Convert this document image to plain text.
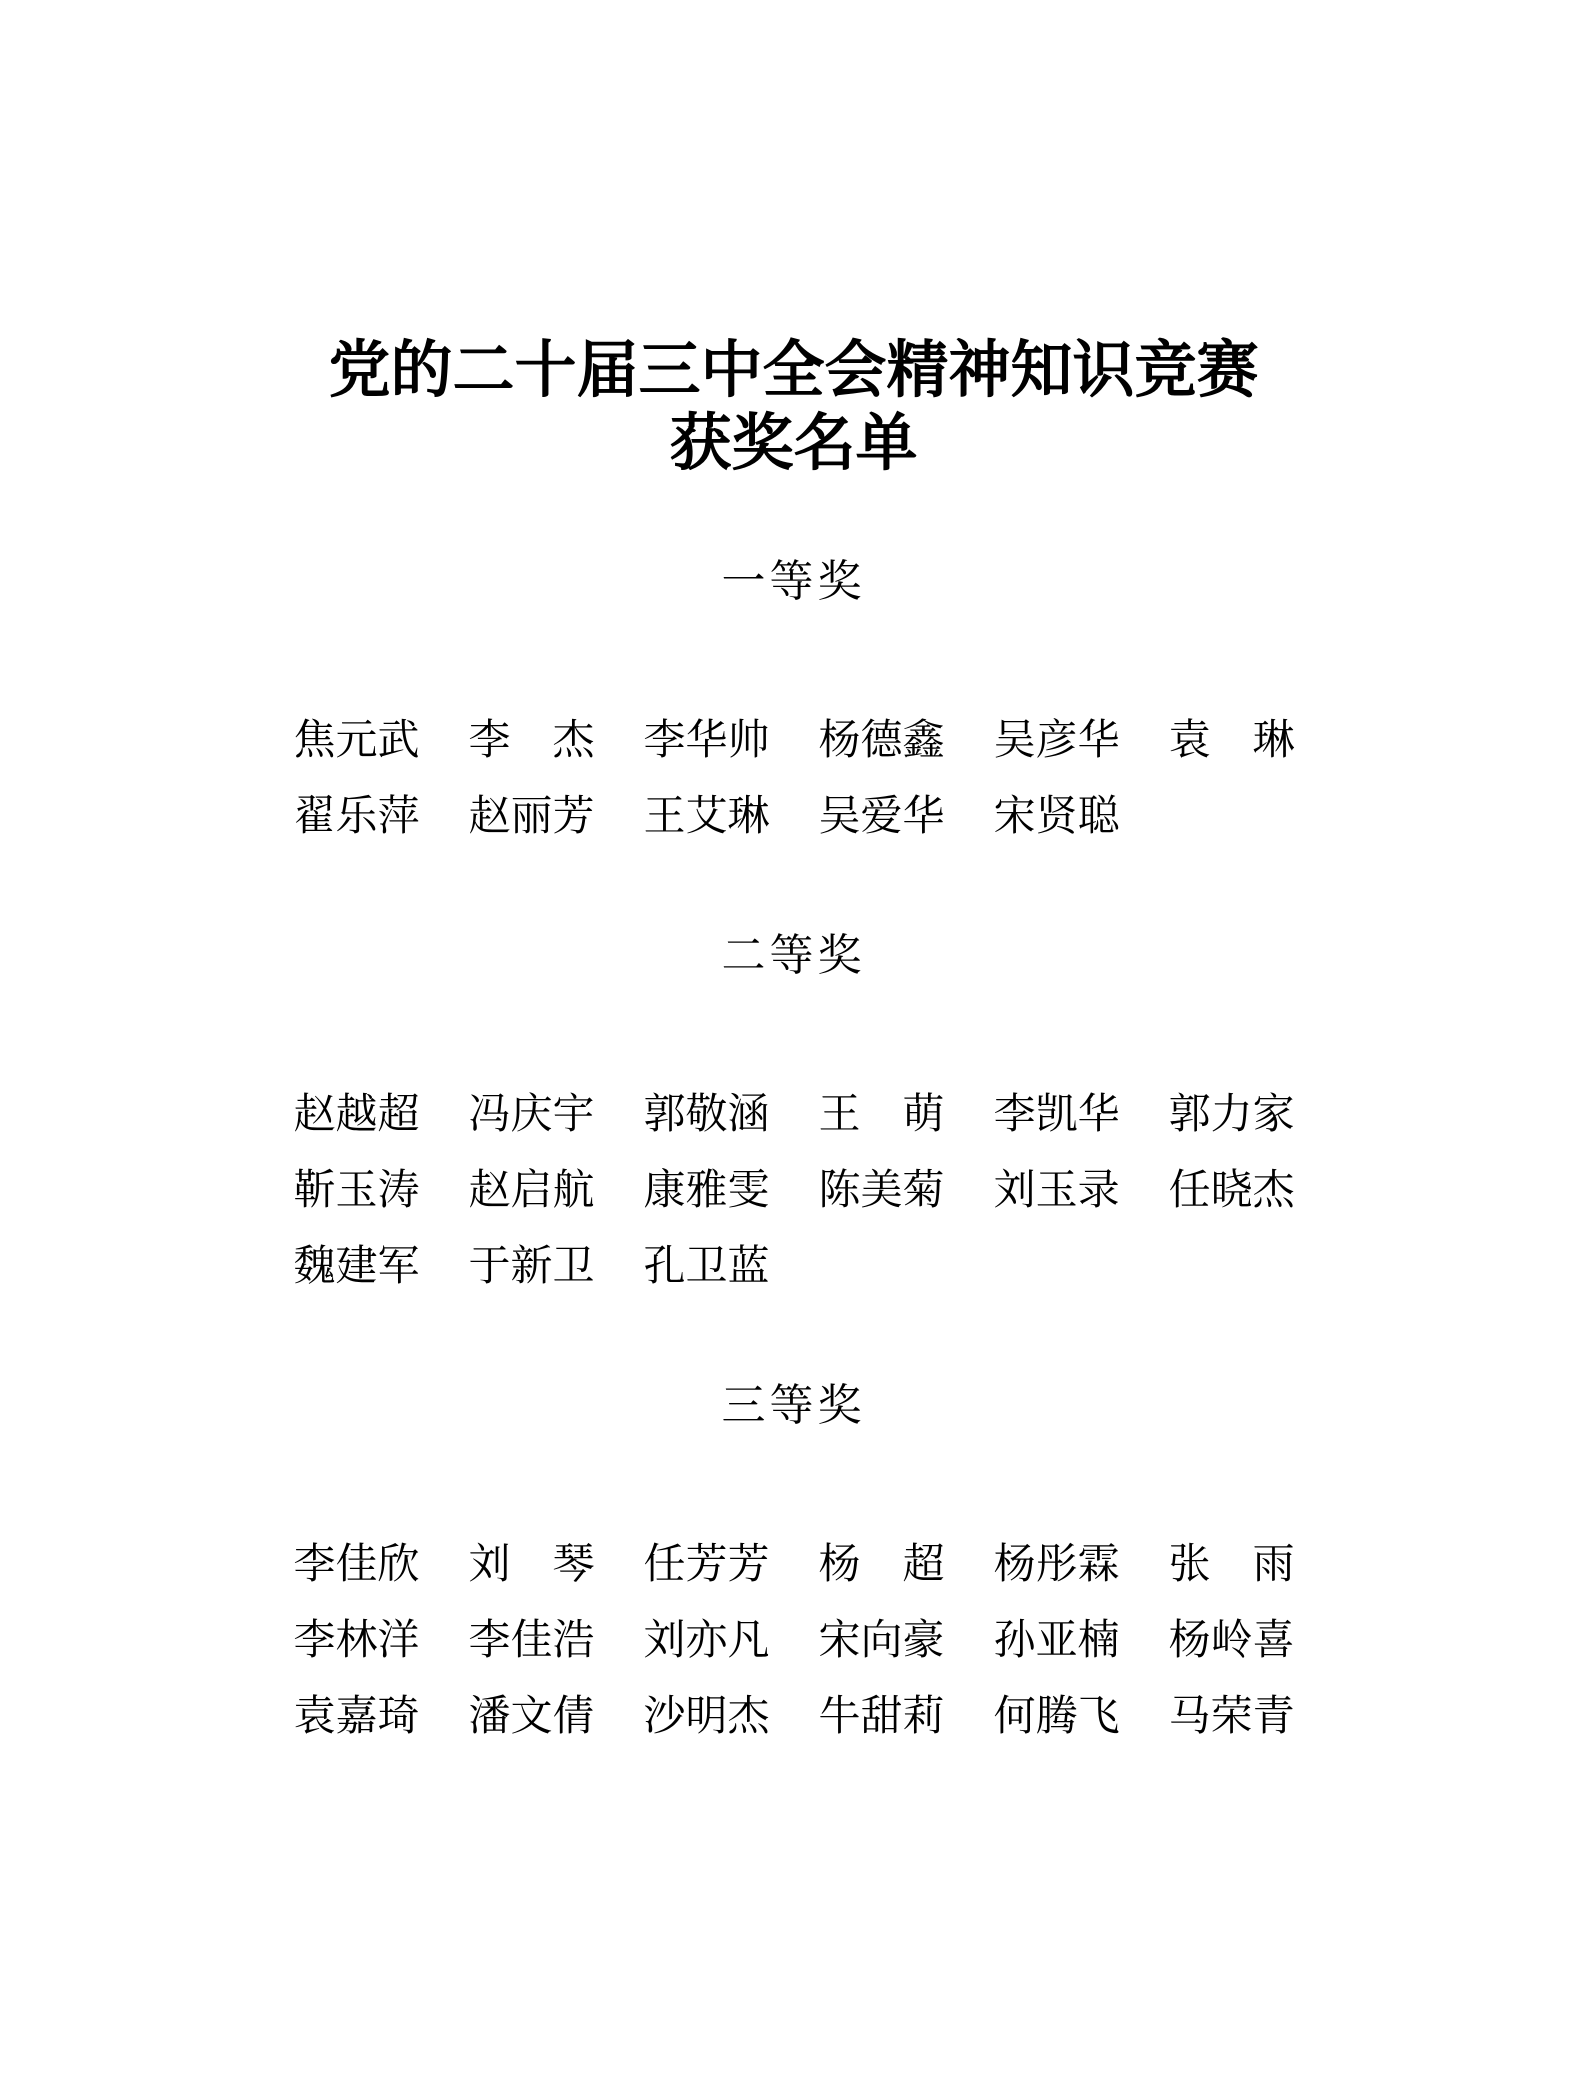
党的二十届三中全会精神知识竞赛
获奖名单
一等奖
焦元武 李　杰 李华帅 杨德鑫 吴彦华 袁　琳
翟乐萍 赵丽芳 王艾琳 吴爱华 宋贤聪
二等奖
赵越超 冯庆宇 郭敬涵 王　萌 李凯华 郭力家
靳玉涛 赵启航 康雅雯 陈美菊 刘玉录 任晓杰
魏建军 于新卫 孔卫蓝
三等奖
李佳欣 刘　琴 任芳芳 杨　超 杨彤霖 张　雨
李林洋 李佳浩 刘亦凡 宋向豪 孙亚楠 杨岭喜
袁嘉琦 潘文倩 沙明杰 牛甜莉 何腾飞 马荣青
